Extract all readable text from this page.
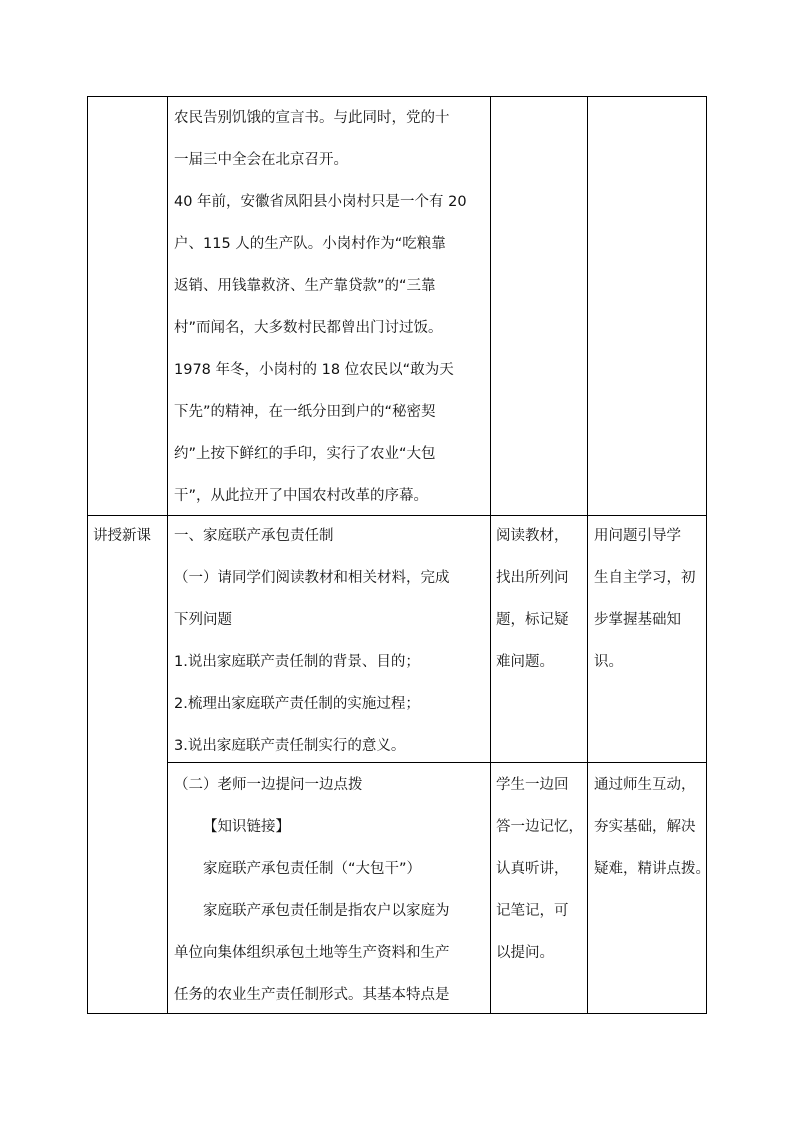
农民告别饥饿的宣言书。与此同时，党的十
一届三中全会在北京召开。
40 年前，安徽省凤阳县小岗村只是一个有 20
户、115 人的生产队。小岗村作为“吃粮靠
返销、用钱靠救济、生产靠贷款”的“三靠
村”而闻名，大多数村民都曾出门讨过饭。
1978 年冬，小岗村的 18 位农民以“敢为天
下先”的精神，在一纸分田到户的“秘密契
约”上按下鲜红的手印，实行了农业“大包
干”，从此拉开了中国农村改革的序幕。
讲授新课 一、家庭联产承包责任制
（一）请同学们阅读教材和相关材料，完成
下列问题
1.说出家庭联产责任制的背景、目的；
2.梳理出家庭联产责任制的实施过程；
3.说出家庭联产责任制实行的意义。
阅读教材，
找出所列问
题，标记疑
难问题。
用问题引导学
生自主学习，初
步掌握基础知
识。
（二）老师一边提问一边点拨
【知识链接】
家庭联产承包责任制（“大包干”）
家庭联产承包责任制是指农户以家庭为
单位向集体组织承包土地等生产资料和生产
任务的农业生产责任制形式。其基本特点是
学生一边回
答一边记忆，
认真听讲，
记笔记，可
以提问。
通过师生互动，
夯实基础，解决
疑难，精讲点拨。
